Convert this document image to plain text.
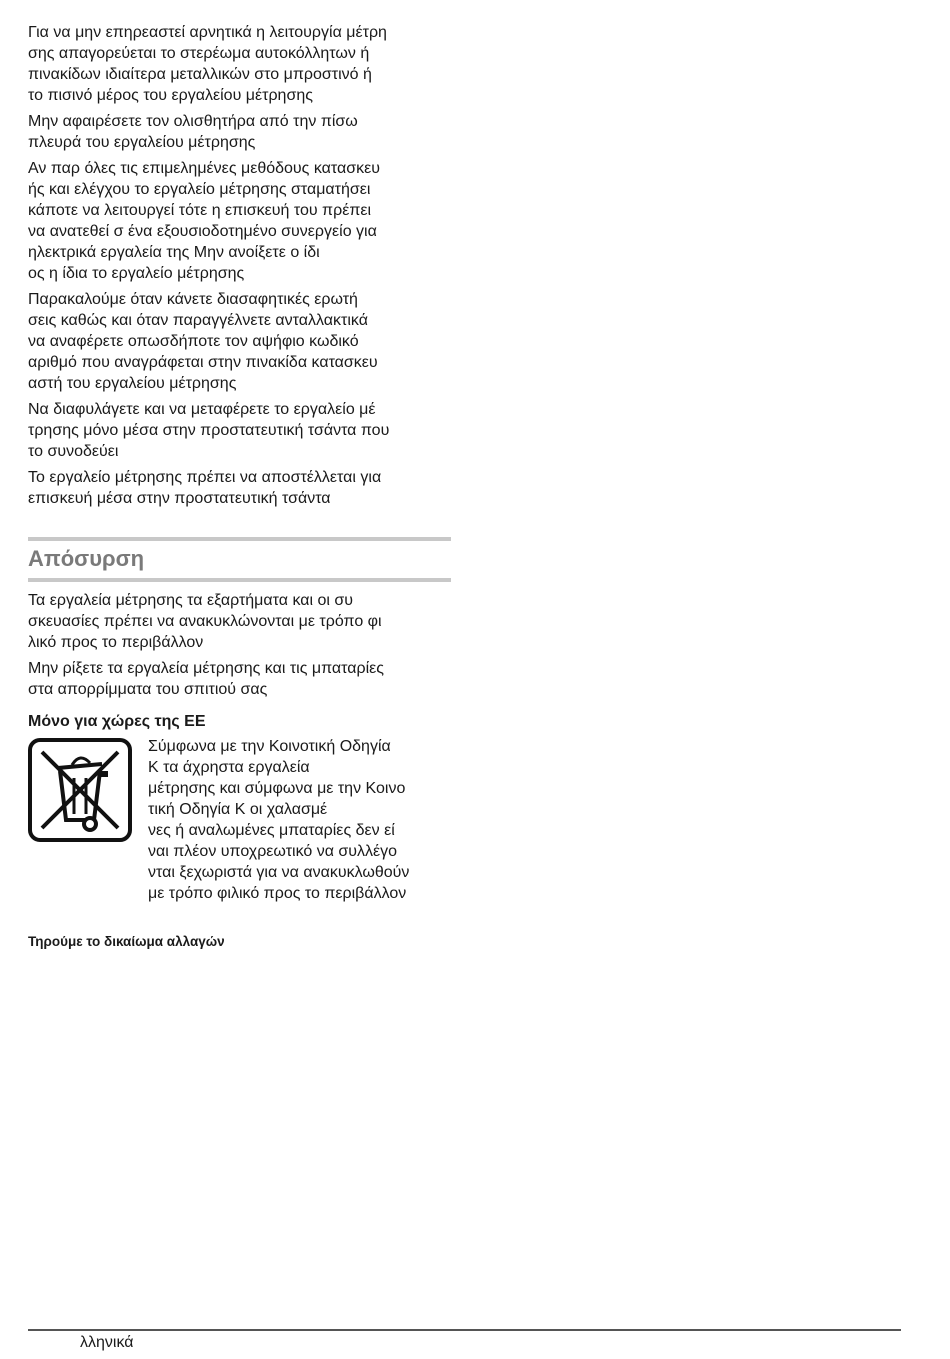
Για να μην επηρεαστεί αρνητικά η λειτουργία μέτρη
σης απαγορεύεται το στερέωμα αυτοκόλλητων ή
πινακίδων ιδιαίτερα μεταλλικών στο μπροστινό ή
το πισινό μέρος του εργαλείου μέτρησης

Μην αφαιρέσετε τον ολισθητήρα από την πίσω
πλευρά του εργαλείου μέτρησης

Αν παρ όλες τις επιμελημένες μεθόδους κατασκευ
ής και ελέγχου το εργαλείο μέτρησης σταματήσει
κάποτε να λειτουργεί τότε η επισκευή του πρέπει
να ανατεθεί σ ένα εξουσιοδοτημένο συνεργείο για
ηλεκτρικά εργαλεία της Μην ανοίξετε ο ίδι
ος η ίδια το εργαλείο μέτρησης

Παρακαλούμε όταν κάνετε διασαφητικές ερωτή
σεις καθώς και όταν παραγγέλνετε ανταλλακτικά
να αναφέρετε οπωσδήποτε τον αψήφιο κωδικό
αριθμό που αναγράφεται στην πινακίδα κατασκευ
αστή του εργαλείου μέτρησης

Να διαφυλάγετε και να μεταφέρετε το εργαλείο μέ
τρησης μόνο μέσα στην προστατευτική τσάντα που
το συνοδεύει

Το εργαλείο μέτρησης πρέπει να αποστέλλεται για
επισκευή μέσα στην προστατευτική τσάντα

Απόσυρση

Τα εργαλεία μέτρησης τα εξαρτήματα και οι συ
σκευασίες πρέπει να ανακυκλώνονται με τρόπο φι
λικό προς το περιβάλλον

Μην ρίξετε τα εργαλεία μέτρησης και τις μπαταρίες
στα απορρίμματα του σπιτιού σας

Μόνο για χώρες της ΕΕ

Σύμφωνα με την Κοινοτική Οδηγία
Κ τα άχρηστα εργαλεία
μέτρησης και σύμφωνα με την Κοινο
τική Οδηγία Κ οι χαλασμέ
νες ή αναλωμένες μπαταρίες δεν εί
ναι πλέον υποχρεωτικό να συλλέγο
νται ξεχωριστά για να ανακυκλωθούν
με τρόπο φιλικό προς το περιβάλλον

Τηρούμε το δικαίωμα αλλαγών
λληνικά
